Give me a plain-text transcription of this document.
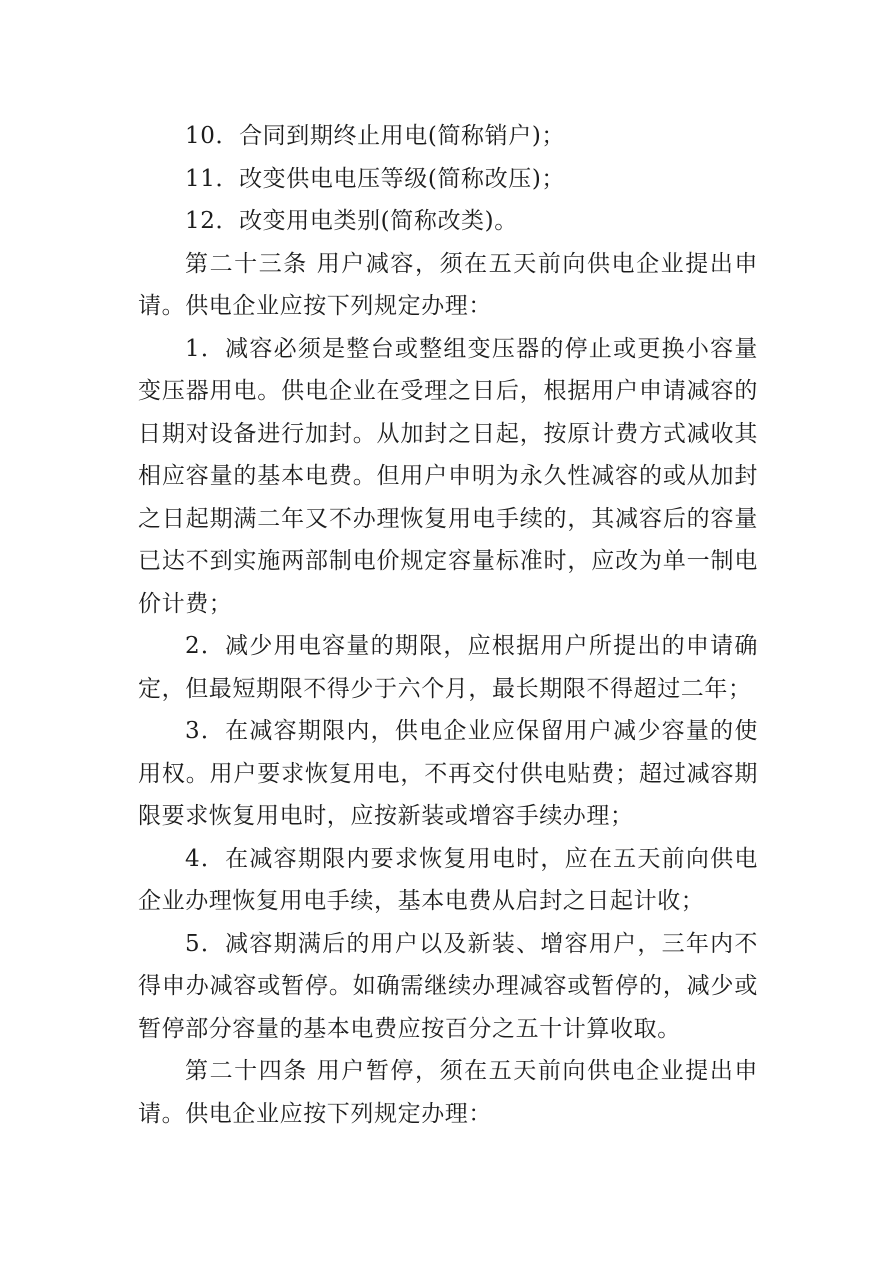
10．合同到期终止用电(简称销户)；

11．改变供电电压等级(简称改压)；

12．改变用电类别(简称改类)。

第二十三条 用户减容，须在五天前向供电企业提出申请。供电企业应按下列规定办理：

1．减容必须是整台或整组变压器的停止或更换小容量变压器用电。供电企业在受理之日后，根据用户申请减容的日期对设备进行加封。从加封之日起，按原计费方式减收其相应容量的基本电费。但用户申明为永久性减容的或从加封之日起期满二年又不办理恢复用电手续的，其减容后的容量已达不到实施两部制电价规定容量标准时，应改为单一制电价计费；

2．减少用电容量的期限，应根据用户所提出的申请确定，但最短期限不得少于六个月，最长期限不得超过二年；

3．在减容期限内，供电企业应保留用户减少容量的使用权。用户要求恢复用电，不再交付供电贴费；超过减容期限要求恢复用电时，应按新装或增容手续办理；

4．在减容期限内要求恢复用电时，应在五天前向供电企业办理恢复用电手续，基本电费从启封之日起计收；

5．减容期满后的用户以及新装、增容用户，三年内不得申办减容或暂停。如确需继续办理减容或暂停的，减少或暂停部分容量的基本电费应按百分之五十计算收取。

第二十四条 用户暂停，须在五天前向供电企业提出申请。供电企业应按下列规定办理：
